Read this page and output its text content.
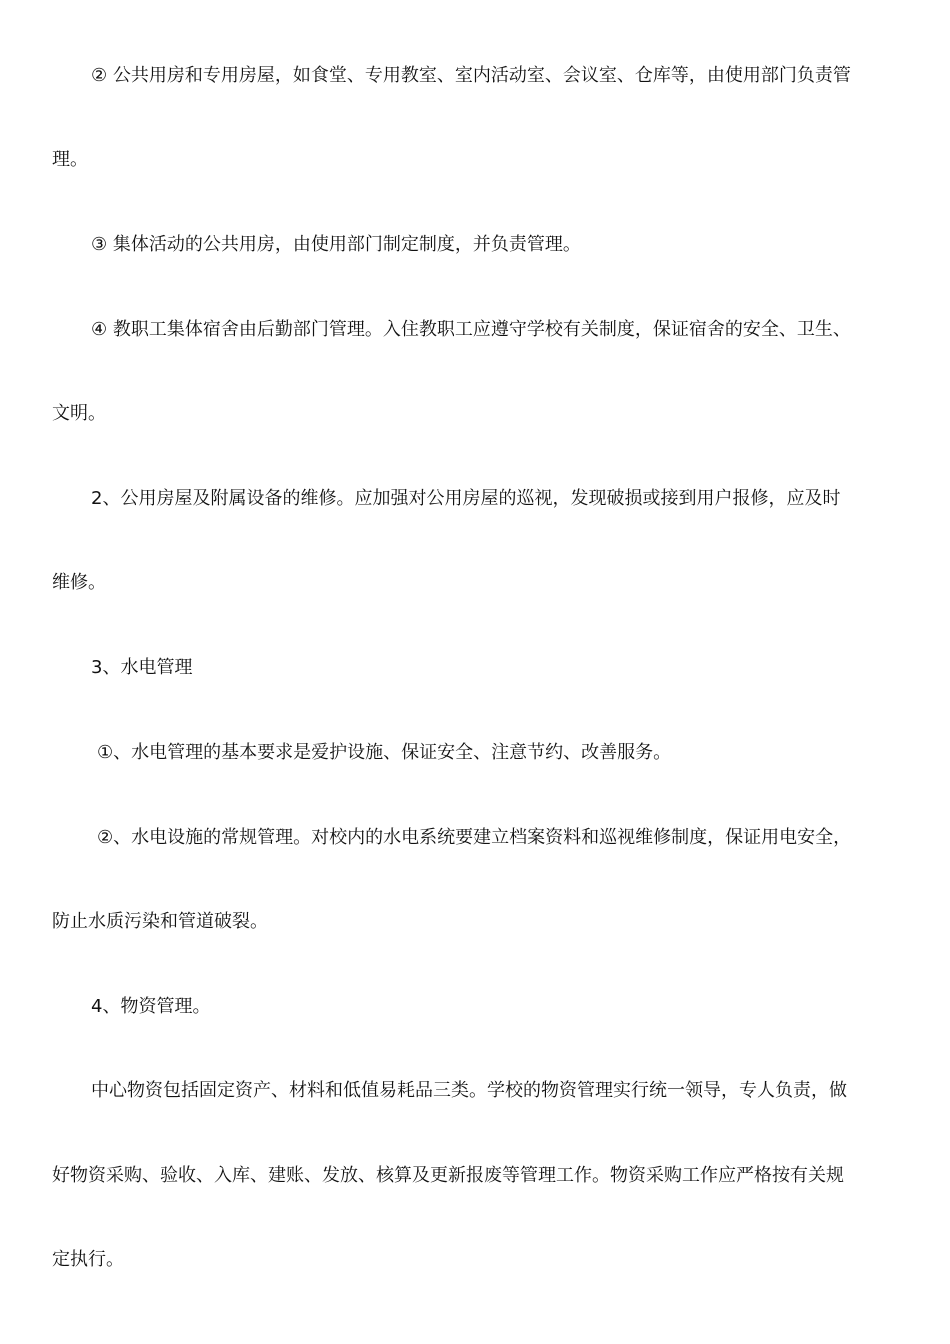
② 公共用房和专用房屋，如食堂、专用教室、室内活动室、会议室、仓库等，由使用部门负责管
理。
③ 集体活动的公共用房，由使用部门制定制度，并负责管理。
④ 教职工集体宿舍由后勤部门管理。入住教职工应遵守学校有关制度，保证宿舍的安全、卫生、
文明。
2、公用房屋及附属设备的维修。应加强对公用房屋的巡视，发现破损或接到用户报修，应及时
维修。
3、水电管理
①、水电管理的基本要求是爱护设施、保证安全、注意节约、改善服务。
②、水电设施的常规管理。对校内的水电系统要建立档案资料和巡视维修制度，保证用电安全，
防止水质污染和管道破裂。
4、物资管理。
中心物资包括固定资产、材料和低值易耗品三类。学校的物资管理实行统一领导，专人负责，做
好物资采购、验收、入库、建账、发放、核算及更新报废等管理工作。物资采购工作应严格按有关规
定执行。
